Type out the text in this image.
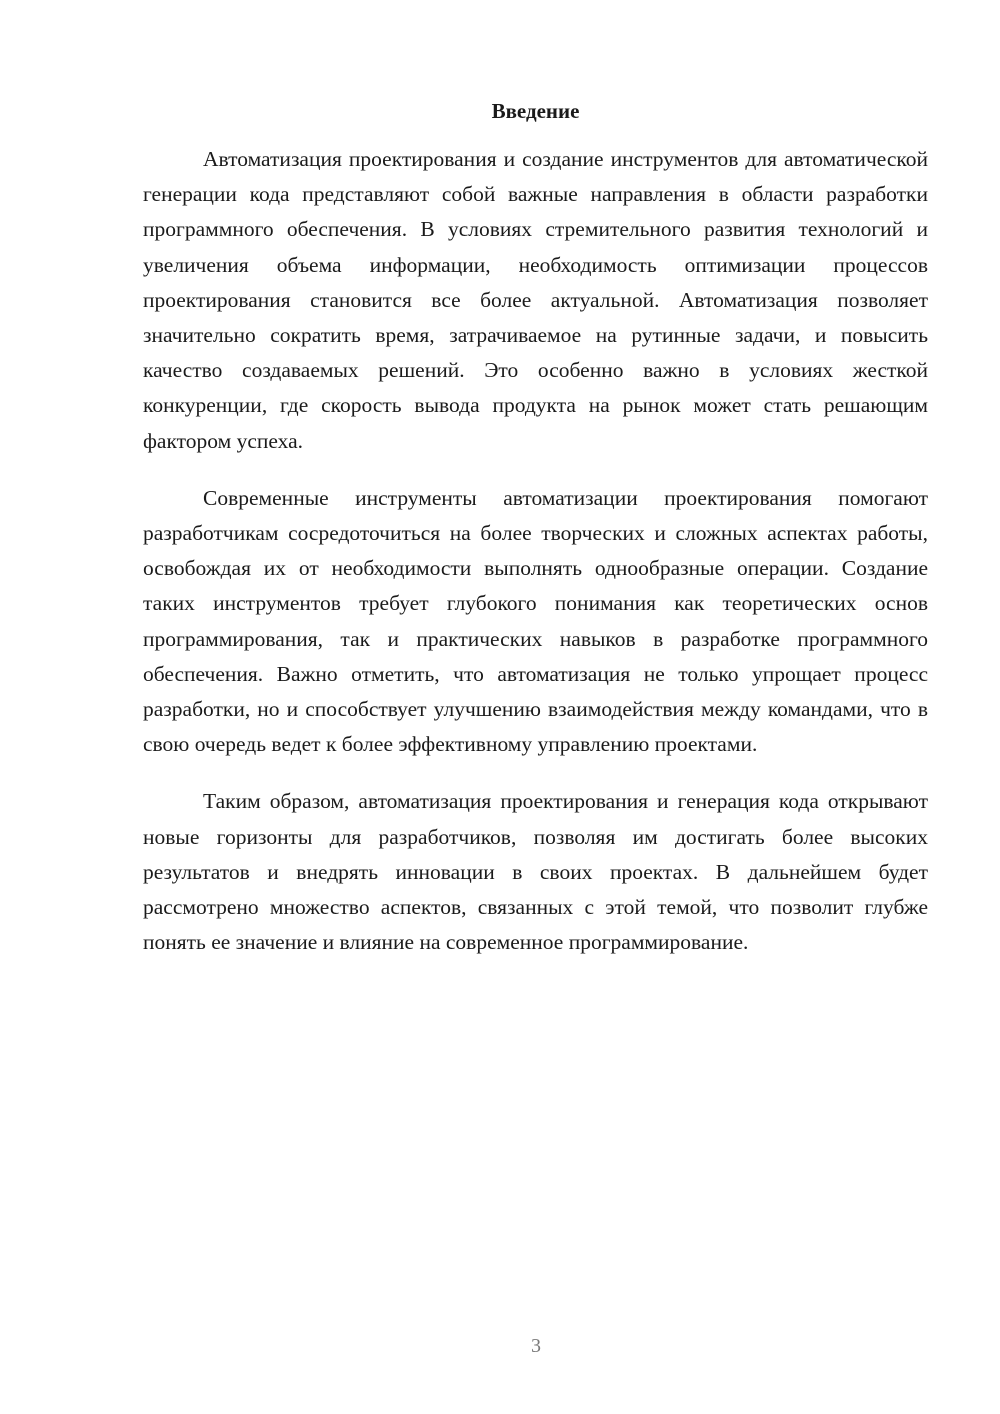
Введение

Автоматизация проектирования и создание инструментов для автоматической генерации кода представляют собой важные направления в области разработки программного обеспечения. В условиях стремительного развития технологий и увеличения объема информации, необходимость оптимизации процессов проектирования становится все более актуальной. Автоматизация позволяет значительно сократить время, затрачиваемое на рутинные задачи, и повысить качество создаваемых решений. Это особенно важно в условиях жесткой конкуренции, где скорость вывода продукта на рынок может стать решающим фактором успеха.

Современные инструменты автоматизации проектирования помогают разработчикам сосредоточиться на более творческих и сложных аспектах работы, освобождая их от необходимости выполнять однообразные операции. Создание таких инструментов требует глубокого понимания как теоретических основ программирования, так и практических навыков в разработке программного обеспечения. Важно отметить, что автоматизация не только упрощает процесс разработки, но и способствует улучшению взаимодействия между командами, что в свою очередь ведет к более эффективному управлению проектами.

Таким образом, автоматизация проектирования и генерация кода открывают новые горизонты для разработчиков, позволяя им достигать более высоких результатов и внедрять инновации в своих проектах. В дальнейшем будет рассмотрено множество аспектов, связанных с этой темой, что позволит глубже понять ее значение и влияние на современное программирование.

3
